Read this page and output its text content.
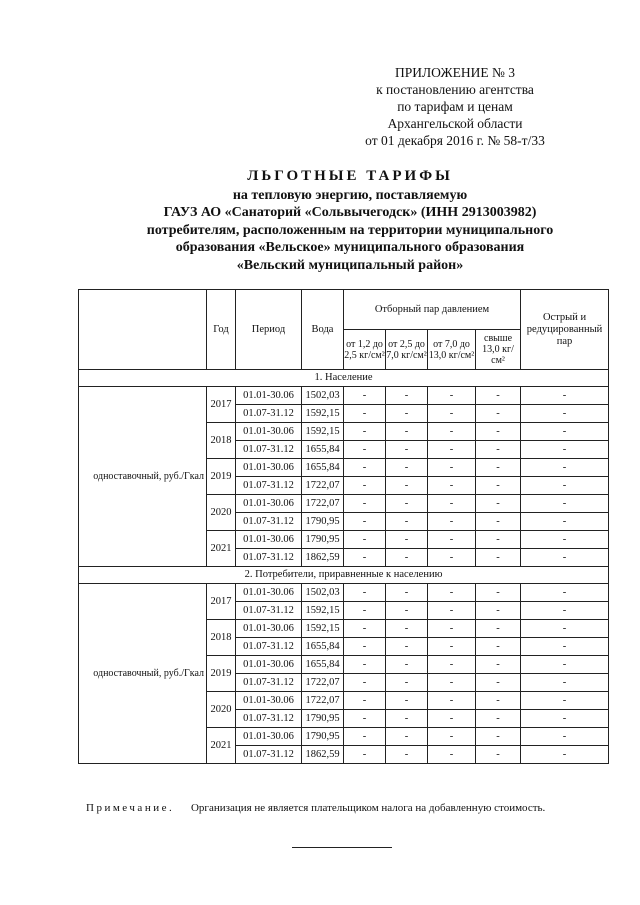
ПРИЛОЖЕНИЕ № 3
к постановлению агентства
по тарифам и ценам
Архангельской области
от 01 декабря 2016 г. № 58-т/33
ЛЬГОТНЫЕ ТАРИФЫ
на тепловую энергию, поставляемую
ГАУЗ АО «Санаторий «Сольвычегодск» (ИНН 2913003982)
потребителям, расположенным на территории муниципального
образования «Вельское» муниципального образования
«Вельский муниципальный район»
	Год	Период	Вода	Отборный пар давлением				Острый и редуцированный пар
				от 1,2 до 2,5 кг/см²	от 2,5 до 7,0 кг/см²	от 7,0 до 13,0 кг/см²	свыше 13,0 кг/см²	
1. Население								
одноставочный, руб./Гкал	2017	01.01-30.06	1502,03	-	-	-	-	-
		01.07-31.12	1592,15	-	-	-	-	-
	2018	01.01-30.06	1592,15	-	-	-	-	-
		01.07-31.12	1655,84	-	-	-	-	-
	2019	01.01-30.06	1655,84	-	-	-	-	-
		01.07-31.12	1722,07	-	-	-	-	-
	2020	01.01-30.06	1722,07	-	-	-	-	-
		01.07-31.12	1790,95	-	-	-	-	-
	2021	01.01-30.06	1790,95	-	-	-	-	-
		01.07-31.12	1862,59	-	-	-	-	-
2. Потребители, приравненные к населению								
одноставочный, руб./Гкал	2017	01.01-30.06	1502,03	-	-	-	-	-
		01.07-31.12	1592,15	-	-	-	-	-
	2018	01.01-30.06	1592,15	-	-	-	-	-
		01.07-31.12	1655,84	-	-	-	-	-
	2019	01.01-30.06	1655,84	-	-	-	-	-
		01.07-31.12	1722,07	-	-	-	-	-
	2020	01.01-30.06	1722,07	-	-	-	-	-
		01.07-31.12	1790,95	-	-	-	-	-
	2021	01.01-30.06	1790,95	-	-	-	-	-
		01.07-31.12	1862,59	-	-	-	-	-
Примечание. Организация не является плательщиком налога на добавленную стоимость.
